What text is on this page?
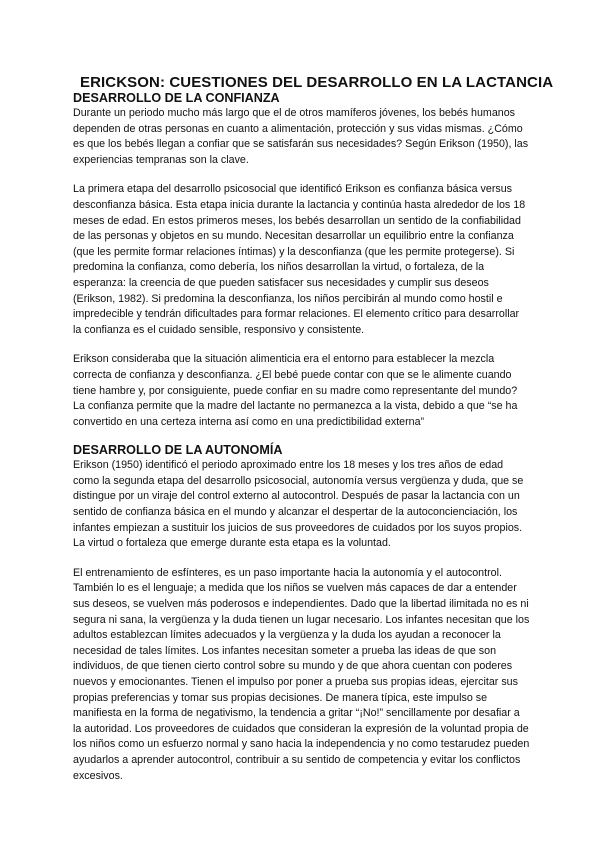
ERICKSON: CUESTIONES DEL DESARROLLO EN LA LACTANCIA
DESARROLLO DE LA CONFIANZA

Durante un periodo mucho más largo que el de otros mamíferos jóvenes, los bebés humanos dependen de otras personas en cuanto a alimentación, protección y sus vidas mismas. ¿Cómo es que los bebés llegan a confiar que se satisfarán sus necesidades? Según Erikson (1950), las experiencias tempranas son la clave.

La primera etapa del desarrollo psicosocial que identificó Erikson es confianza básica versus desconfianza básica. Esta etapa inicia durante la lactancia y continúa hasta alrededor de los 18 meses de edad. En estos primeros meses, los bebés desarrollan un sentido de la confiabilidad de las personas y objetos en su mundo. Necesitan desarrollar un equilibrio entre la confianza (que les permite formar relaciones íntimas) y la desconfianza (que les permite protegerse). Si predomina la confianza, como debería, los niños desarrollan la virtud, o fortaleza, de la esperanza: la creencia de que pueden satisfacer sus necesidades y cumplir sus deseos (Erikson, 1982). Si predomina la desconfianza, los niños percibirán al mundo como hostil e impredecible y tendrán dificultades para formar relaciones. El elemento crítico para desarrollar la confianza es el cuidado sensible, responsivo y consistente.

Erikson consideraba que la situación alimenticia era el entorno para establecer la mezcla correcta de confianza y desconfianza. ¿El bebé puede contar con que se le alimente cuando tiene hambre y, por consiguiente, puede confiar en su madre como representante del mundo? La confianza permite que la madre del lactante no permanezca a la vista, debido a que “se ha convertido en una certeza interna así como en una predictibilidad externa”

DESARROLLO DE LA AUTONOMÍA

Erikson (1950) identificó el periodo aproximado entre los 18 meses y los tres años de edad como la segunda etapa del desarrollo psicosocial, autonomía versus vergüenza y duda, que se distingue por un viraje del control externo al autocontrol. Después de pasar la lactancia con un sentido de confianza básica en el mundo y alcanzar el despertar de la autoconcienciación, los infantes empiezan a sustituir los juicios de sus proveedores de cuidados por los suyos propios. La virtud o fortaleza que emerge durante esta etapa es la voluntad.

El entrenamiento de esfínteres, es un paso importante hacia la autonomía y el autocontrol. También lo es el lenguaje; a medida que los niños se vuelven más capaces de dar a entender sus deseos, se vuelven más poderosos e independientes. Dado que la libertad ilimitada no es ni segura ni sana, la vergüenza y la duda tienen un lugar necesario. Los infantes necesitan que los adultos establezcan límites adecuados y la vergüenza y la duda los ayudan a reconocer la necesidad de tales límites. Los infantes necesitan someter a prueba las ideas de que son individuos, de que tienen cierto control sobre su mundo y de que ahora cuentan con poderes nuevos y emocionantes. Tienen el impulso por poner a prueba sus propias ideas, ejercitar sus propias preferencias y tomar sus propias decisiones. De manera típica, este impulso se manifiesta en la forma de negativismo, la tendencia a gritar “¡No!” sencillamente por desafiar a la autoridad. Los proveedores de cuidados que consideran la expresión de la voluntad propia de los niños como un esfuerzo normal y sano hacia la independencia y no como testarudez pueden ayudarlos a aprender autocontrol, contribuir a su sentido de competencia y evitar los conflictos excesivos.
